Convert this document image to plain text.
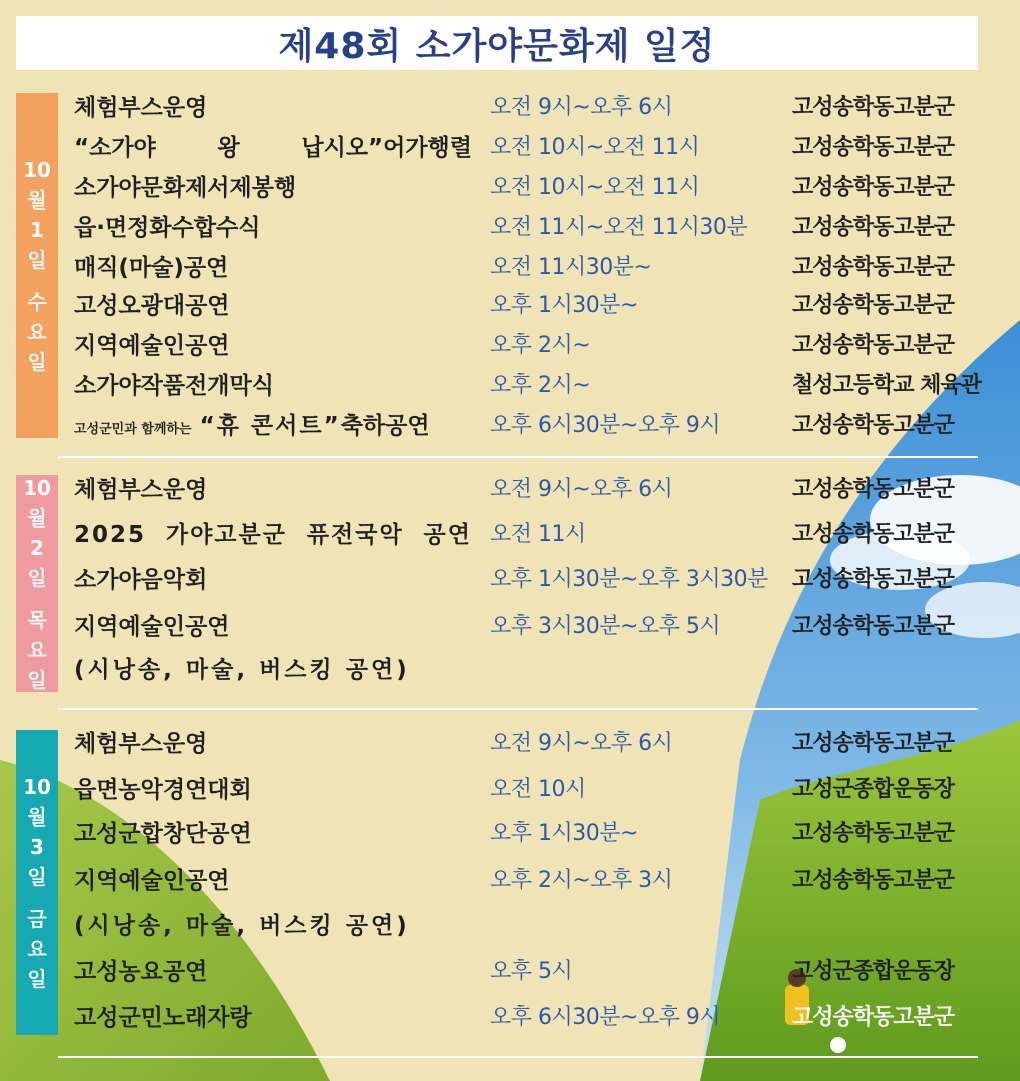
제48회 소가야문화제 일정
10
월
1
일
수
요
일
체험부스운영	오전 9시~오후 6시	고성송학동고분군
“소가야 왕 납시오”어가행렬 오전 10시~오전 11시	고성송학동고분군
소가야문화제서제봉행	오전 10시~오전 11시	고성송학동고분군
읍·면정화수합수식	오전 11시~오전 11시30분	고성송학동고분군
매직(마술)공연	오전 11시30분~	고성송학동고분군
고성오광대공연	오후 1시30분~	고성송학동고분군
지역예술인공연	오후 2시~	고성송학동고분군
소가야작품전개막식	오후 2시~	철성고등학교 체육관
고성군민과 함께하는 “휴 콘서트”축하공연	오후 6시30분~오후 9시	고성송학동고분군
10
월
2
일
목
요
일
체험부스운영	오전 9시~오후 6시	고성송학동고분군
2025 가야고분군 퓨전국악 공연 오전 11시	고성송학동고분군
소가야음악회	오후 1시30분~오후 3시30분	고성송학동고분군
지역예술인공연	오후 3시30분~오후 5시	고성송학동고분군
(시낭송, 마술, 버스킹 공연)
10
월
3
일
금
요
일
체험부스운영	오전 9시~오후 6시	고성송학동고분군
읍면농악경연대회	오전 10시	고성군종합운동장
고성군합창단공연	오후 1시30분~	고성송학동고분군
지역예술인공연	오후 2시~오후 3시	고성송학동고분군
(시낭송, 마술, 버스킹 공연)
고성농요공연	오후 5시	고성군종합운동장
고성군민노래자랑	오후 6시30분~오후 9시	고성송학동고분군
